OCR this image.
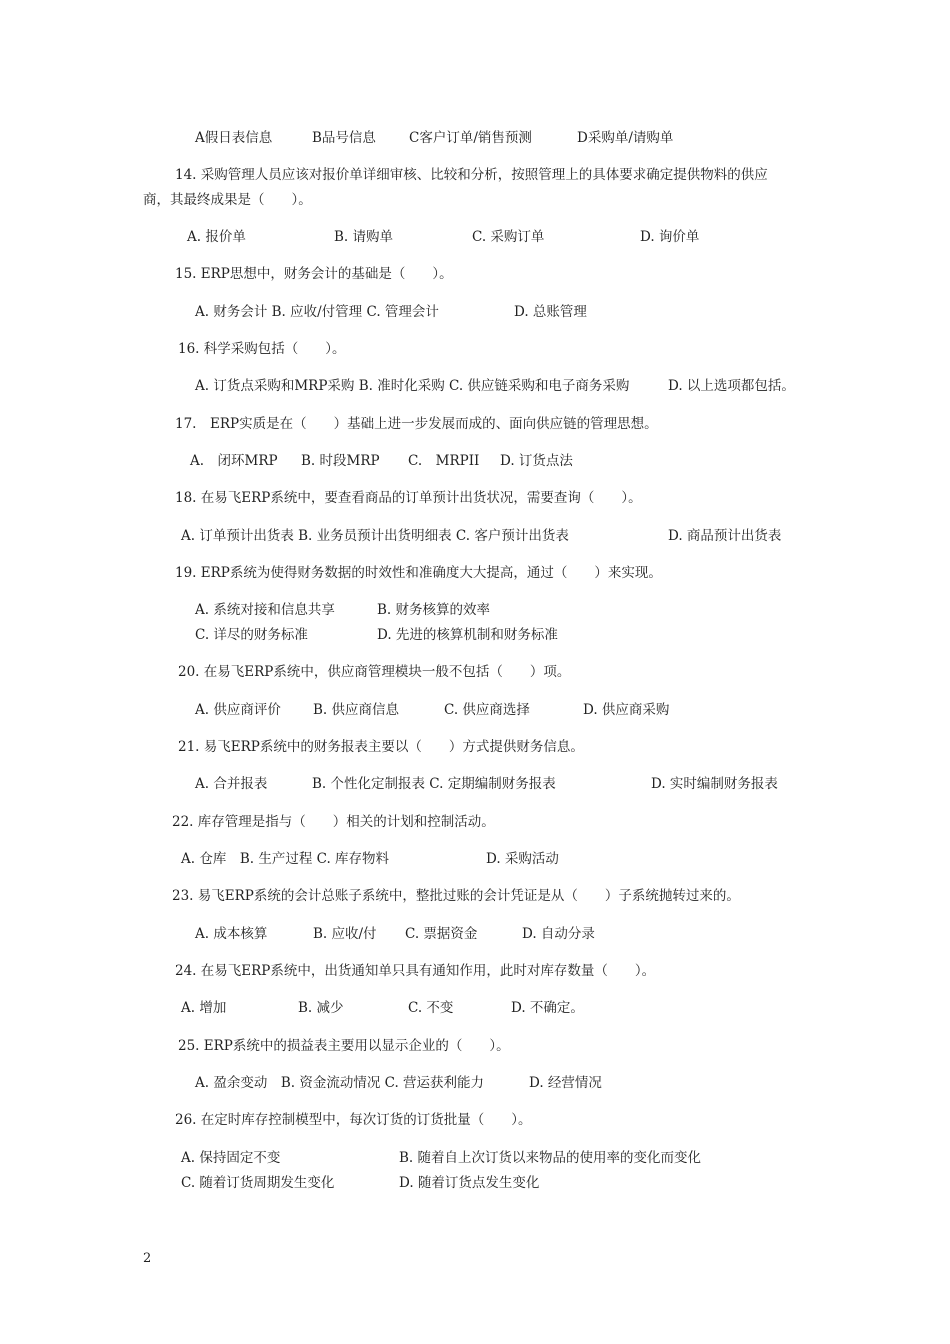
A假日表信息	B品号信息 C客户订单/销售预测	D采购单/请购单
14. 采购管理人员应该对报价单详细审核、比较和分析，按照管理上的具体要求确定提供物料的供应
商，其最终成果是（　　）。
A. 报价单	B. 请购单	C. 采购订单	D. 询价单
15. ERP思想中，财务会计的基础是（　　）。
A. 财务会计 B. 应收/付管理 C. 管理会计	D. 总账管理
16. 科学采购包括（　　）。
A. 订货点采购和MRP采购 B. 准时化采购 C. 供应链采购和电子商务采购	D. 以上选项都包括。
17.　ERP实质是在（　　）基础上进一步发展而成的、面向供应链的管理思想。
A.　闭环MRP B. 时段MRP C.　MRPII D. 订货点法
18. 在易飞ERP系统中，要查看商品的订单预计出货状况，需要查询（　　）。
A. 订单预计出货表 B. 业务员预计出货明细表 C. 客户预计出货表	D. 商品预计出货表
19. ERP系统为使得财务数据的时效性和准确度大大提高，通过（　　）来实现。
A. 系统对接和信息共享	B. 财务核算的效率
C. 详尽的财务标准	D. 先进的核算机制和财务标准
20. 在易飞ERP系统中，供应商管理模块一般不包括（　　）项。
A. 供应商评价 B. 供应商信息	C. 供应商选择	D. 供应商采购
21. 易飞ERP系统中的财务报表主要以（　　）方式提供财务信息。
A. 合并报表	B. 个性化定制报表 C. 定期编制财务报表	D. 实时编制财务报表
22. 库存管理是指与（　　）相关的计划和控制活动。
A. 仓库　B. 生产过程 C. 库存物料	D. 采购活动
23. 易飞ERP系统的会计总账子系统中，整批过账的会计凭证是从（　　）子系统抛转过来的。
A. 成本核算	B. 应收/付 C. 票据资金	D. 自动分录
24. 在易飞ERP系统中，出货通知单只具有通知作用，此时对库存数量（　　）。
A. 增加	B. 减少	C. 不变	D. 不确定。
25. ERP系统中的损益表主要用以显示企业的（　　）。
A. 盈余变动　B. 资金流动情况 C. 营运获利能力	D. 经营情况
26. 在定时库存控制模型中，每次订货的订货批量（　　）。
A. 保持固定不变	B. 随着自上次订货以来物品的使用率的变化而变化
C. 随着订货周期发生变化	D. 随着订货点发生变化
2
